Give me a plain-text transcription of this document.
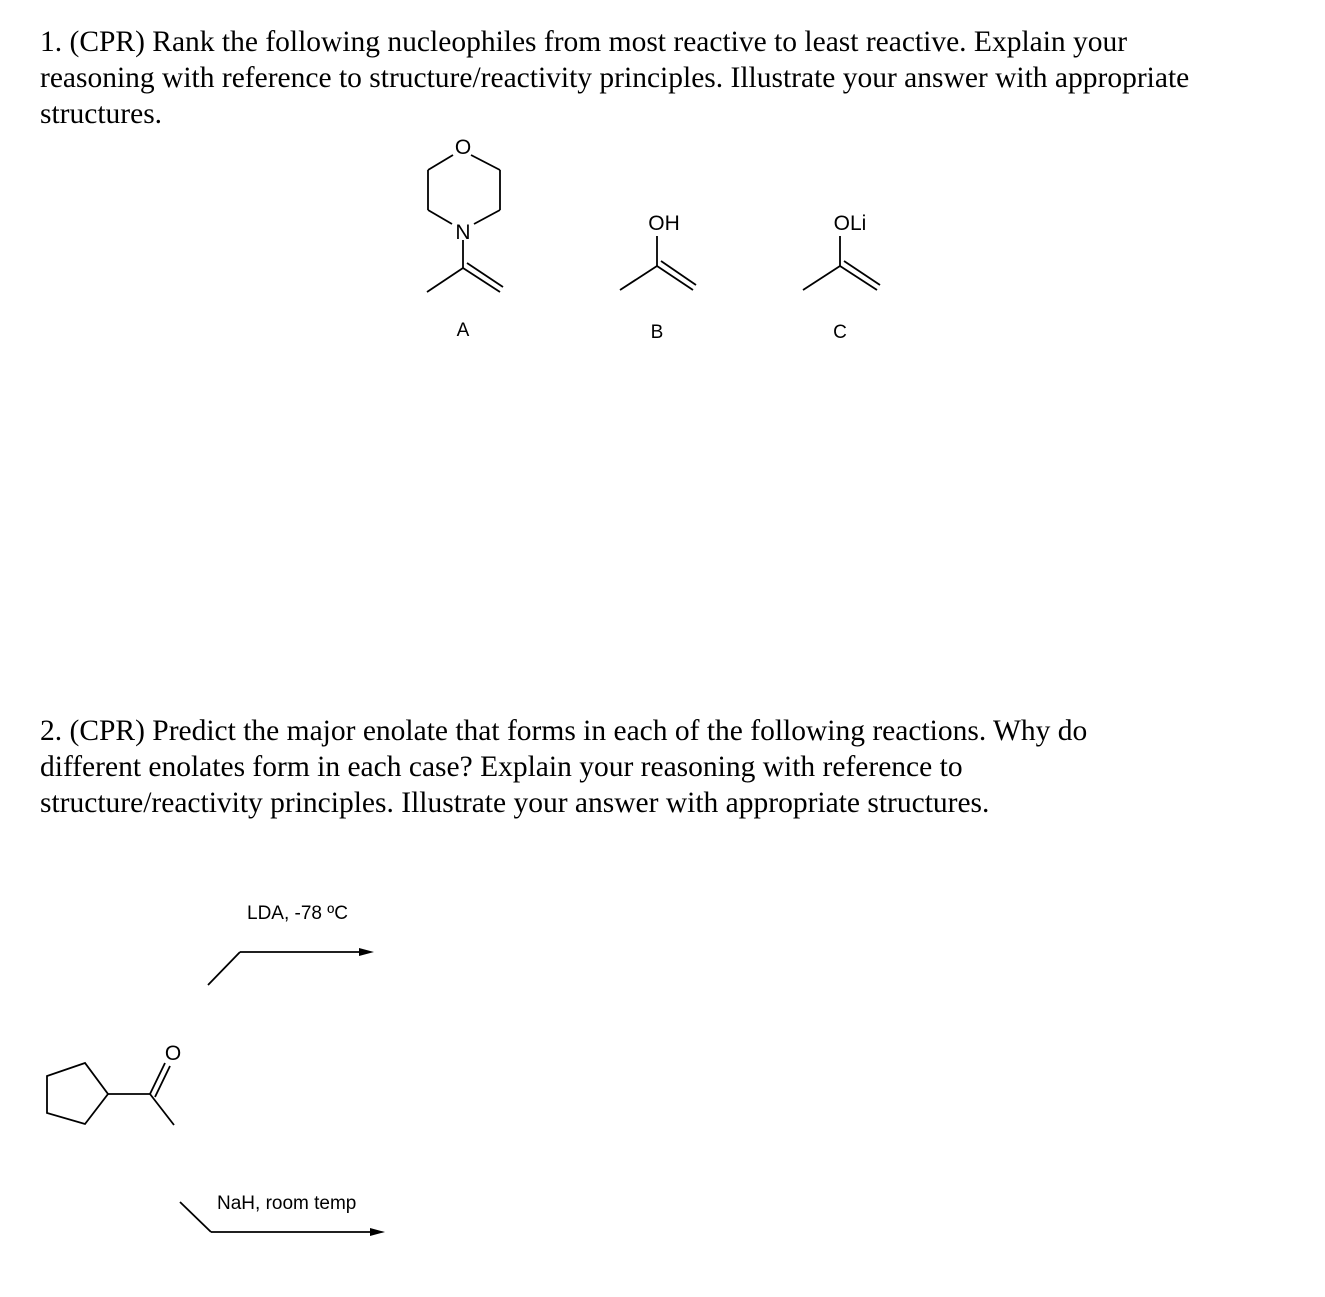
1. (CPR) Rank the following nucleophiles from most reactive to least reactive. Explain your
reasoning with reference to structure/reactivity principles. Illustrate your answer with appropriate
structures.
2. (CPR) Predict the major enolate that forms in each of the following reactions. Why do
different enolates form in each case? Explain your reasoning with reference to
structure/reactivity principles. Illustrate your answer with appropriate structures.
O
N
A
OH
B
OLi
C
LDA, -78 ºC
O
NaH, room temp
